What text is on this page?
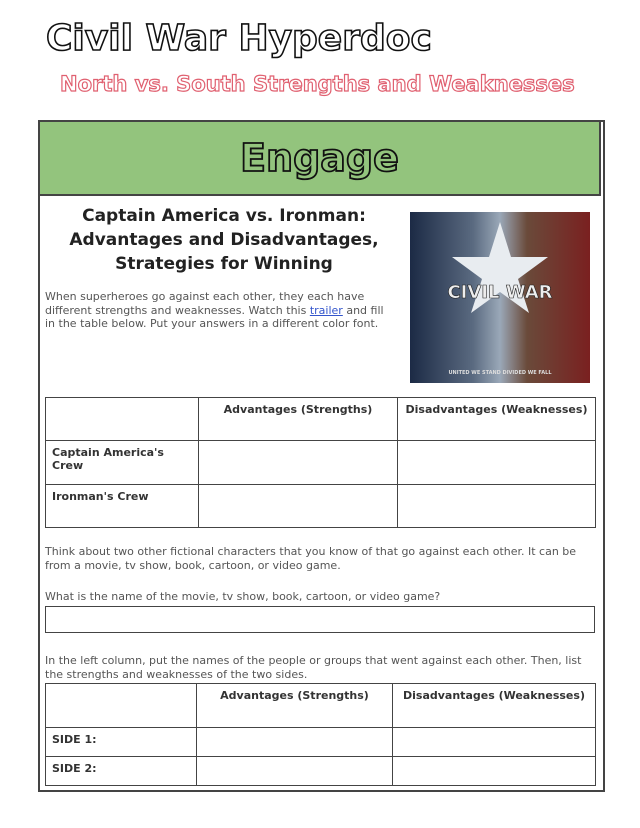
Civil War Hyperdoc
North vs. South Strengths and Weaknesses
Engage
Captain America vs. Ironman: Advantages and Disadvantages, Strategies for Winning
When superheroes go against each other, they each have different strengths and weaknesses. Watch this trailer and fill in the table below. Put your answers in a different color font.
CIVIL WAR
UNITED WE STAND DIVIDED WE FALL
	Advantages (Strengths)	Disadvantages (Weaknesses)
Captain America's Crew		
Ironman's Crew		
Think about two other fictional characters that you know of that go against each other. It can be from a movie, tv show, book, cartoon, or video game.
What is the name of the movie, tv show, book, cartoon, or video game?
In the left column, put the names of the people or groups that went against each other. Then, list the strengths and weaknesses of the two sides.
	Advantages (Strengths)	Disadvantages (Weaknesses)
SIDE 1:		
SIDE 2:		
